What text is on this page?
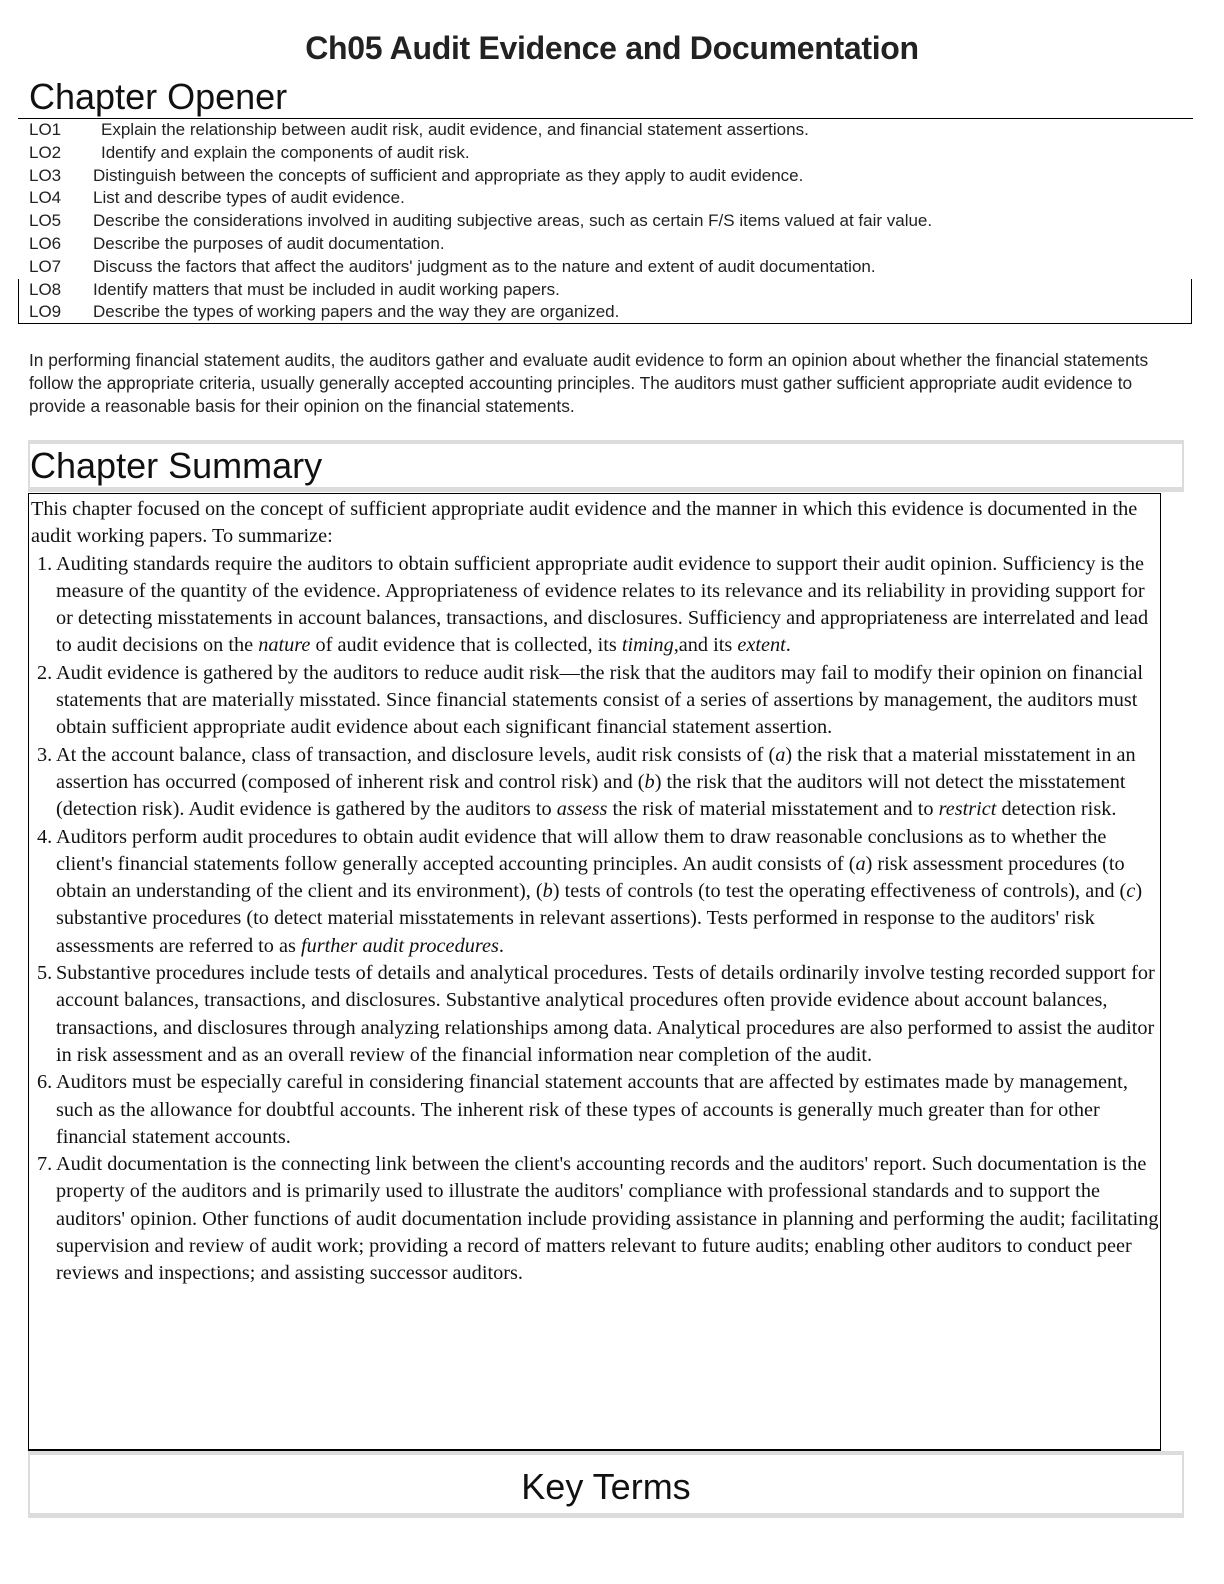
Ch05 Audit Evidence and Documentation
Chapter Opener
LO1	Explain the relationship between audit risk, audit evidence, and financial statement assertions.
LO2	Identify and explain the components of audit risk.
LO3	Distinguish between the concepts of sufficient and appropriate as they apply to audit evidence.
LO4	List and describe types of audit evidence.
LO5	Describe the considerations involved in auditing subjective areas, such as certain F/S items valued at fair value.
LO6	Describe the purposes of audit documentation.
LO7	Discuss the factors that affect the auditors' judgment as to the nature and extent of audit documentation.
LO8	Identify matters that must be included in audit working papers.
LO9	Describe the types of working papers and the way they are organized.
In performing financial statement audits, the auditors gather and evaluate audit evidence to form an opinion about whether the financial statements follow the appropriate criteria, usually generally accepted accounting principles. The auditors must gather sufficient appropriate audit evidence to provide a reasonable basis for their opinion on the financial statements.
Chapter Summary
This chapter focused on the concept of sufficient appropriate audit evidence and the manner in which this evidence is documented in the audit working papers. To summarize:
1. Auditing standards require the auditors to obtain sufficient appropriate audit evidence to support their audit opinion. Sufficiency is the measure of the quantity of the evidence. Appropriateness of evidence relates to its relevance and its reliability in providing support for or detecting misstatements in account balances, transactions, and disclosures. Sufficiency and appropriateness are interrelated and lead to audit decisions on the nature of audit evidence that is collected, its timing,and its extent.
2. Audit evidence is gathered by the auditors to reduce audit risk—the risk that the auditors may fail to modify their opinion on financial statements that are materially misstated. Since financial statements consist of a series of assertions by management, the auditors must obtain sufficient appropriate audit evidence about each significant financial statement assertion.
3. At the account balance, class of transaction, and disclosure levels, audit risk consists of (a) the risk that a material misstatement in an assertion has occurred (composed of inherent risk and control risk) and (b) the risk that the auditors will not detect the misstatement (detection risk). Audit evidence is gathered by the auditors to assess the risk of material misstatement and to restrict detection risk.
4. Auditors perform audit procedures to obtain audit evidence that will allow them to draw reasonable conclusions as to whether the client's financial statements follow generally accepted accounting principles. An audit consists of (a) risk assessment procedures (to obtain an understanding of the client and its environment), (b) tests of controls (to test the operating effectiveness of controls), and (c) substantive procedures (to detect material misstatements in relevant assertions). Tests performed in response to the auditors' risk assessments are referred to as further audit procedures.
5. Substantive procedures include tests of details and analytical procedures. Tests of details ordinarily involve testing recorded support for account balances, transactions, and disclosures. Substantive analytical procedures often provide evidence about account balances, transactions, and disclosures through analyzing relationships among data. Analytical procedures are also performed to assist the auditor in risk assessment and as an overall review of the financial information near completion of the audit.
6. Auditors must be especially careful in considering financial statement accounts that are affected by estimates made by management, such as the allowance for doubtful accounts. The inherent risk of these types of accounts is generally much greater than for other financial statement accounts.
7. Audit documentation is the connecting link between the client's accounting records and the auditors' report. Such documentation is the property of the auditors and is primarily used to illustrate the auditors' compliance with professional standards and to support the auditors' opinion. Other functions of audit documentation include providing assistance in planning and performing the audit; facilitating supervision and review of audit work; providing a record of matters relevant to future audits; enabling other auditors to conduct peer reviews and inspections; and assisting successor auditors.
Key Terms
